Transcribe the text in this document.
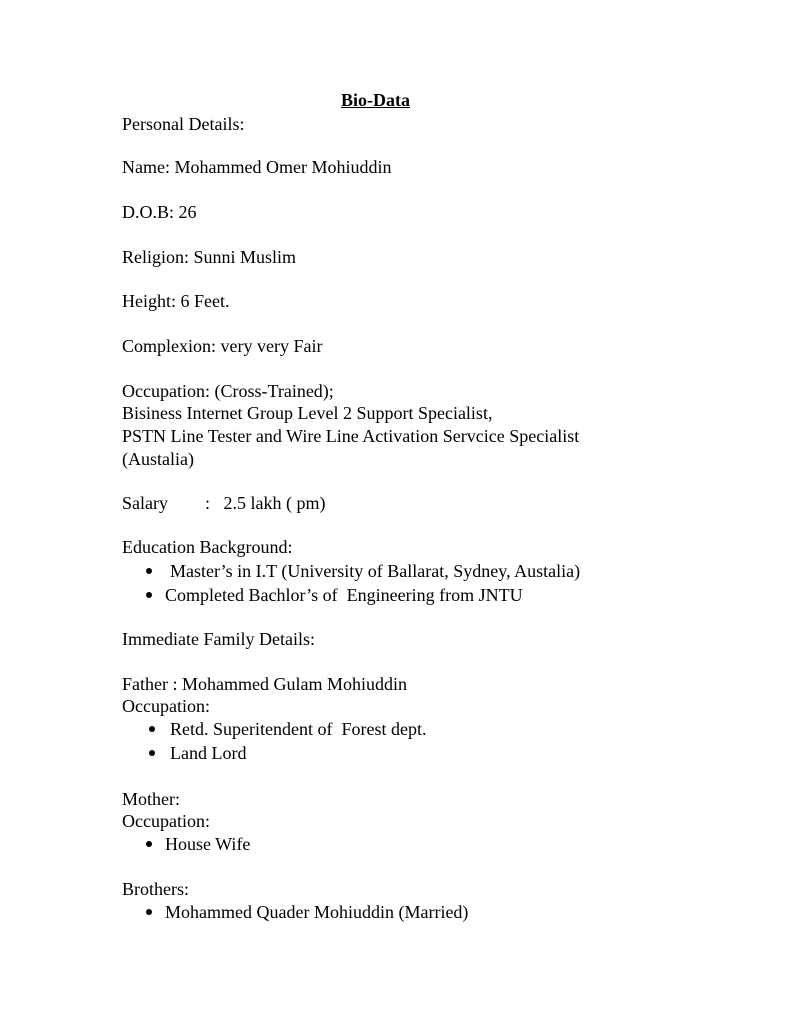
Bio-Data
Personal Details:
Name: Mohammed Omer Mohiuddin
D.O.B: 26
Religion: Sunni Muslim
Height: 6 Feet.
Complexion: very very Fair
Occupation: (Cross-Trained);
Bisiness Internet Group Level 2 Support Specialist,
PSTN Line Tester and Wire Line Activation Servcice Specialist
(Austalia)
Salary :   2.5 lakh ( pm)
Education Background:
Master’s in I.T (University of Ballarat, Sydney, Austalia)
Completed Bachlor’s of  Engineering from JNTU
Immediate Family Details:
Father : Mohammed Gulam Mohiuddin
Occupation:
Retd. Superitendent of  Forest dept.
Land Lord
Mother:
Occupation:
House Wife
Brothers:
Mohammed Quader Mohiuddin (Married)
